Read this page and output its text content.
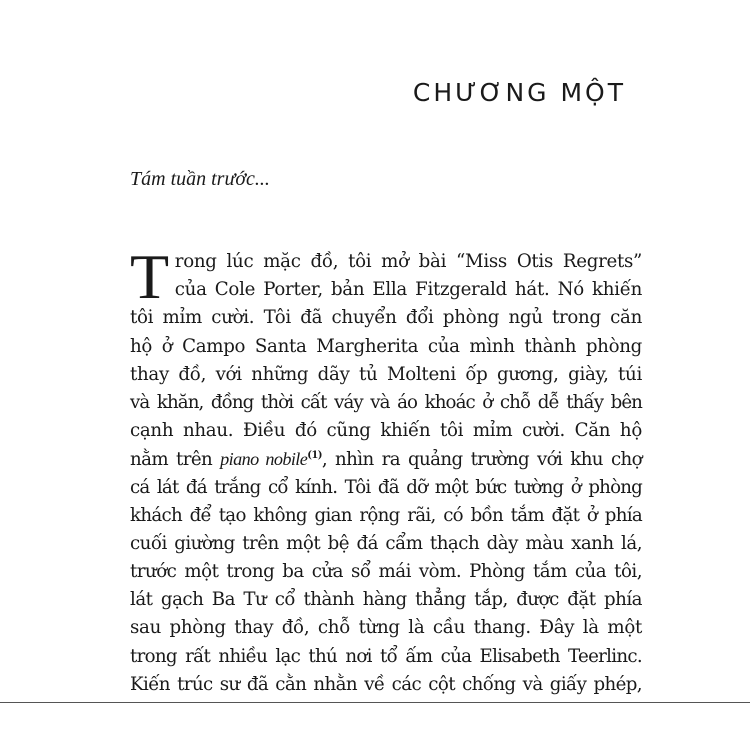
CHƯƠNG MỘT
Tám tuần trước...
T rong lúc mặc đồ, tôi mở bài “Miss Otis Regrets”
của Cole Porter, bản Ella Fitzgerald hát. Nó khiến
tôi mỉm cười. Tôi đã chuyển đổi phòng ngủ trong căn
hộ ở Campo Santa Margherita của mình thành phòng
thay đồ, với những dãy tủ Molteni ốp gương, giày, túi
và khăn, đồng thời cất váy và áo khoác ở chỗ dễ thấy bên
cạnh nhau. Điều đó cũng khiến tôi mỉm cười. Căn hộ
nằm trên piano nobile$^{(1)}$, nhìn ra quảng trường với khu chợ
cá lát đá trắng cổ kính. Tôi đã dỡ một bức tường ở phòng
khách để tạo không gian rộng rãi, có bồn tắm đặt ở phía
cuối giường trên một bệ đá cẩm thạch dày màu xanh lá,
trước một trong ba cửa sổ mái vòm. Phòng tắm của tôi,
lát gạch Ba Tư cổ thành hàng thẳng tắp, được đặt phía
sau phòng thay đồ, chỗ từng là cầu thang. Đây là một
trong rất nhiều lạc thú nơi tổ ấm của Elisabeth Teerlinc.
Kiến trúc sư đã cằn nhằn về các cột chống và giấy phép,
